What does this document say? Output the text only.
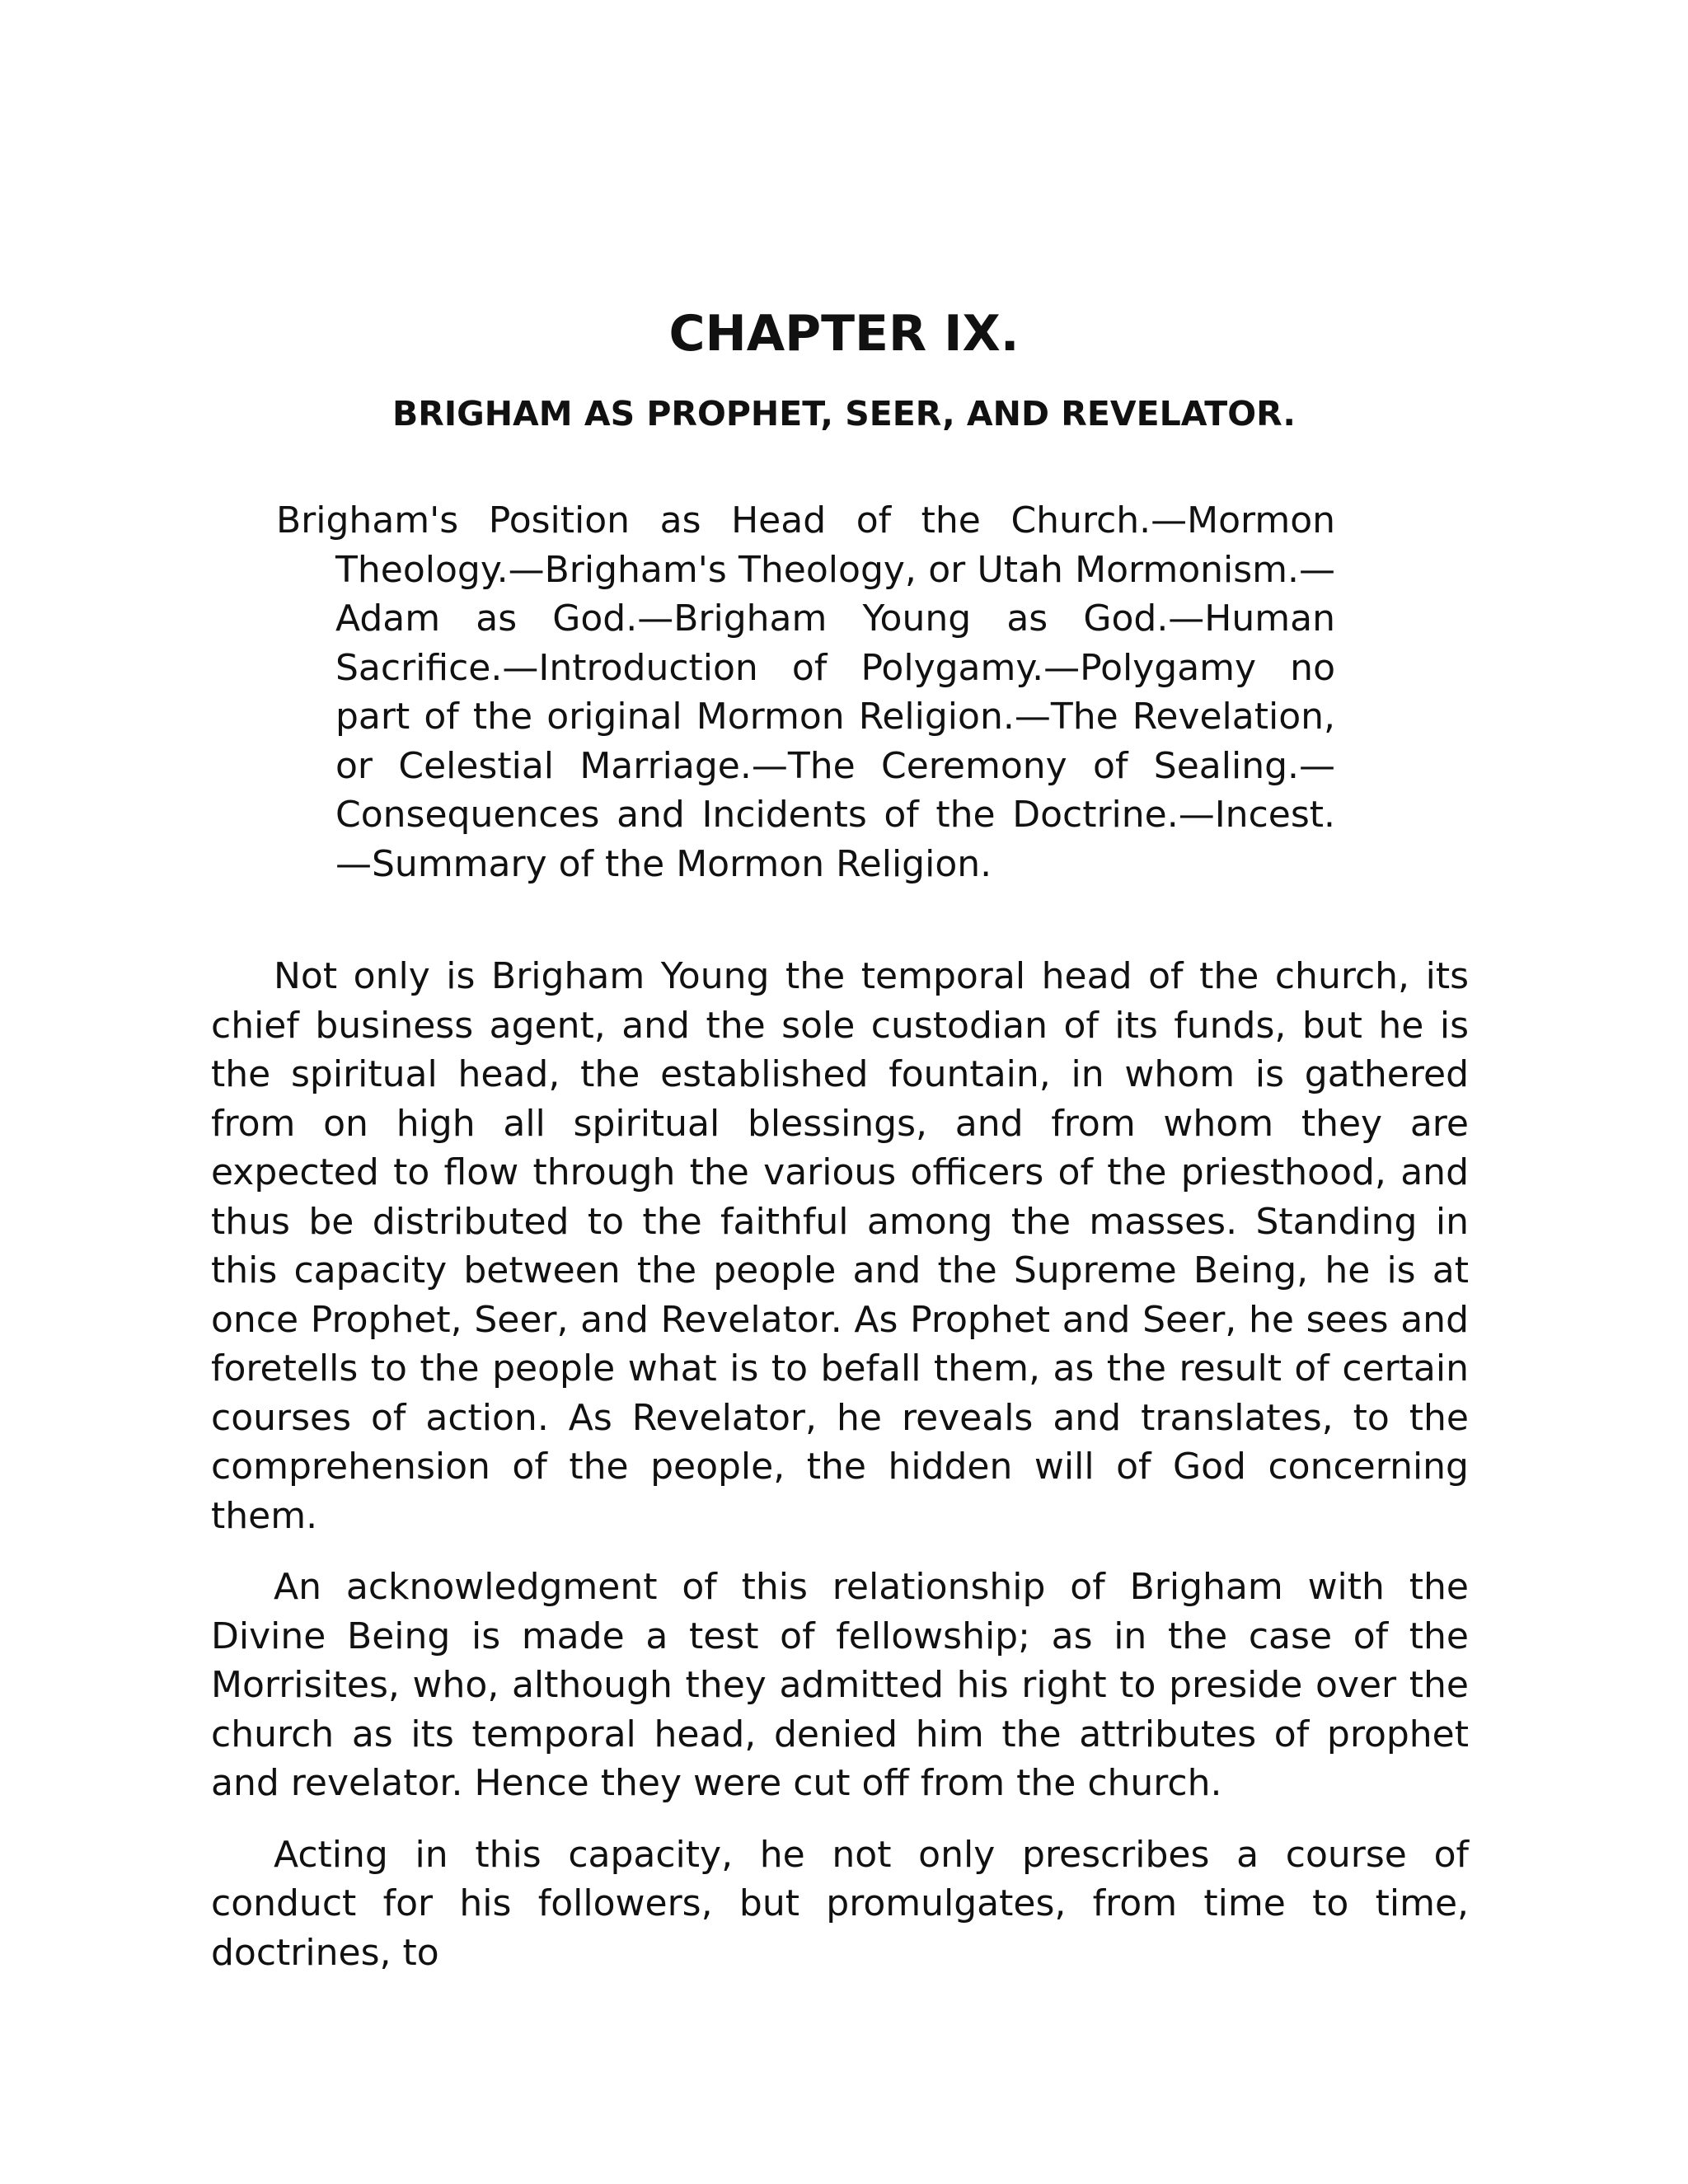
CHAPTER IX.
BRIGHAM AS PROPHET, SEER, AND REVELATOR.

Brigham's Position as Head of the Church.—Mormon Theology.—Brigham's Theology, or Utah Mormonism.—Adam as God.—Brigham Young as God.—Human Sacrifice.—Introduction of Polygamy.—Polygamy no part of the original Mormon Religion.—The Revelation, or Celestial Marriage.—The Ceremony of Sealing.—Consequences and Incidents of the Doctrine.—Incest.—Summary of the Mormon Religion.

Not only is Brigham Young the temporal head of the church, its chief business agent, and the sole custodian of its funds, but he is the spiritual head, the established fountain, in whom is gathered from on high all spiritual blessings, and from whom they are expected to flow through the various officers of the priesthood, and thus be distributed to the faithful among the masses. Standing in this capacity between the people and the Supreme Being, he is at once Prophet, Seer, and Revelator. As Prophet and Seer, he sees and foretells to the people what is to befall them, as the result of certain courses of action. As Revelator, he reveals and translates, to the comprehension of the people, the hidden will of God concerning them.

An acknowledgment of this relationship of Brigham with the Divine Being is made a test of fellowship; as in the case of the Morrisites, who, although they admitted his right to preside over the church as its temporal head, denied him the attributes of prophet and revelator. Hence they were cut off from the church.

Acting in this capacity, he not only prescribes a course of conduct for his followers, but promulgates, from time to time, doctrines, to
